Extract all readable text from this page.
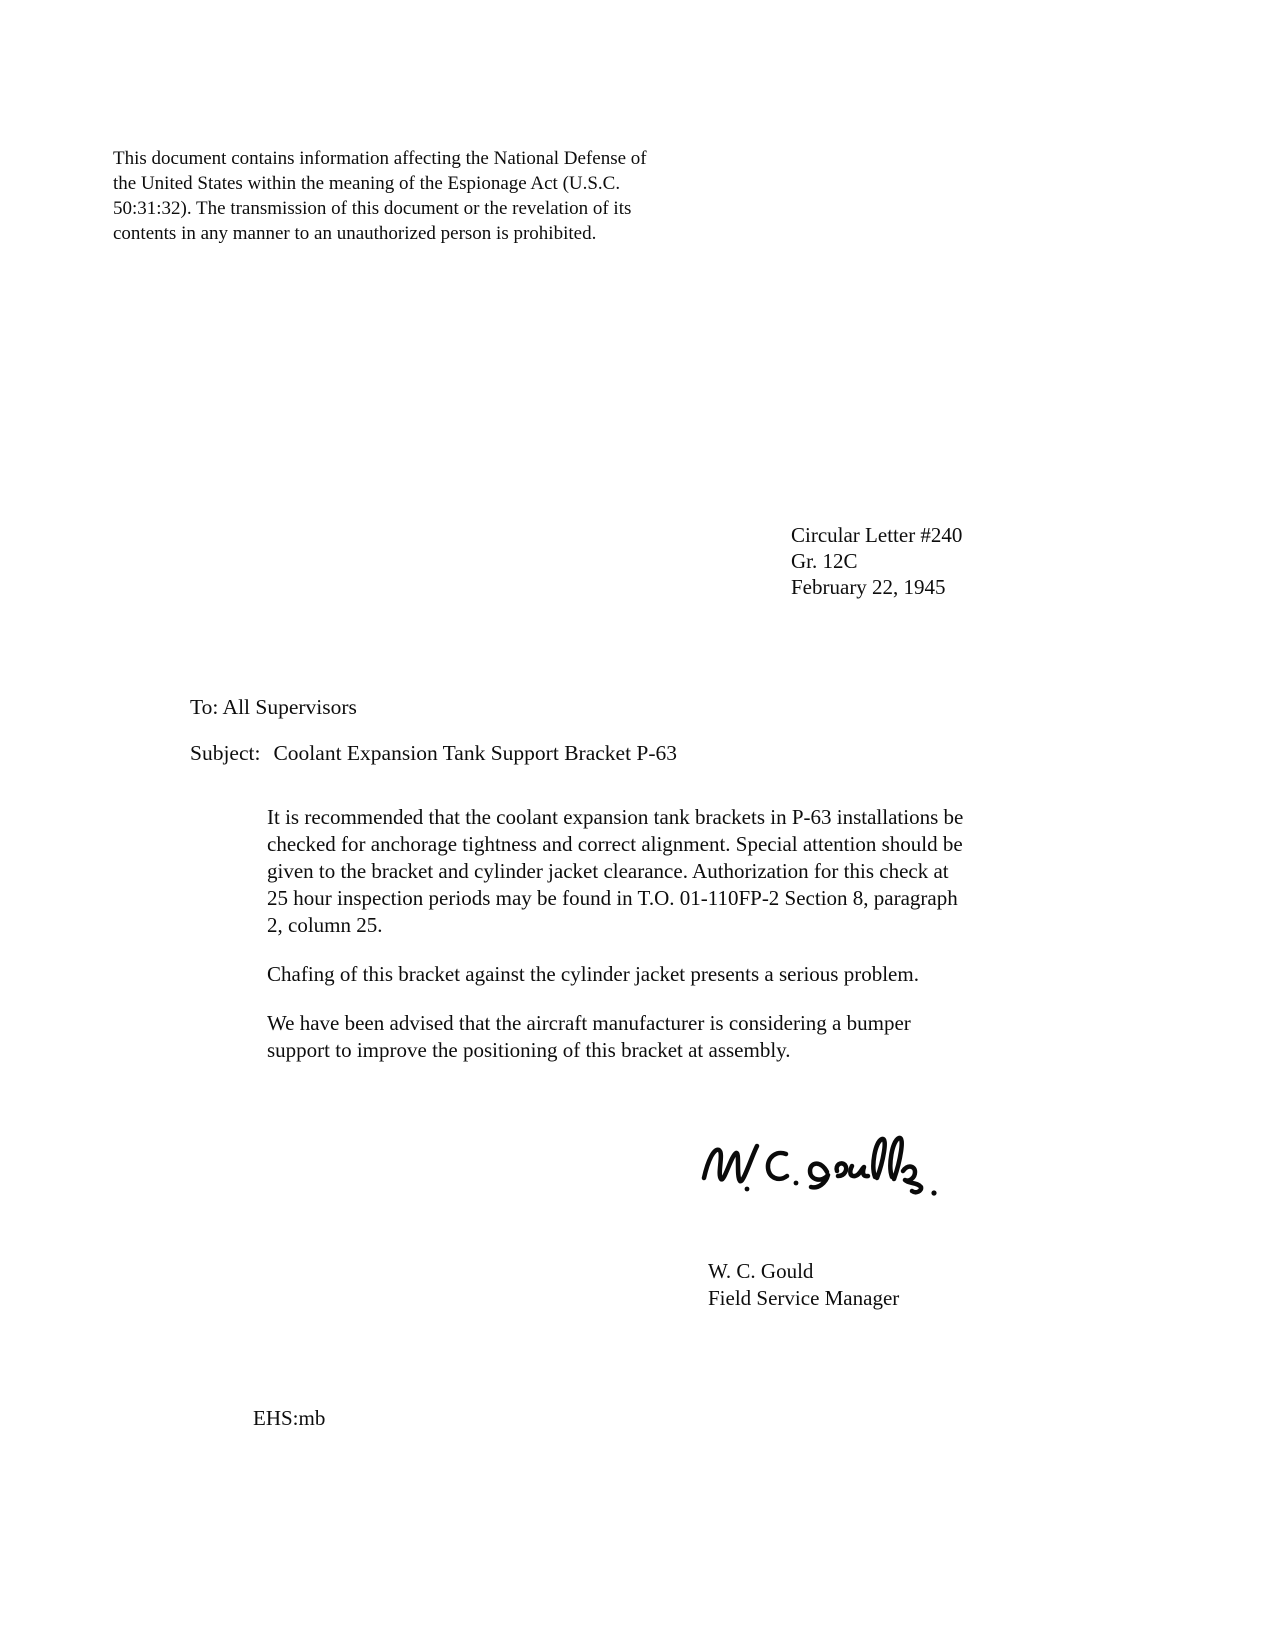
This document contains information affecting the National Defense of the United States within the meaning of the Espionage Act (U.S.C. 50:31:32). The transmission of this document or the revelation of its contents in any manner to an unauthorized person is prohibited.
Circular Letter #240
Gr. 12C
February 22, 1945
To: All Supervisors
Subject: Coolant Expansion Tank Support Bracket P-63

It is recommended that the coolant expansion tank brackets in P-63 installations be checked for anchorage tightness and correct alignment. Special attention should be given to the bracket and cylinder jacket clearance. Authorization for this check at 25 hour inspection periods may be found in T.O. 01-110FP-2 Section 8, paragraph 2, column 25.

Chafing of this bracket against the cylinder jacket presents a serious problem.

We have been advised that the aircraft manufacturer is considering a bumper support to improve the positioning of this bracket at assembly.

W. C. Gould
Field Service Manager
EHS:mb
